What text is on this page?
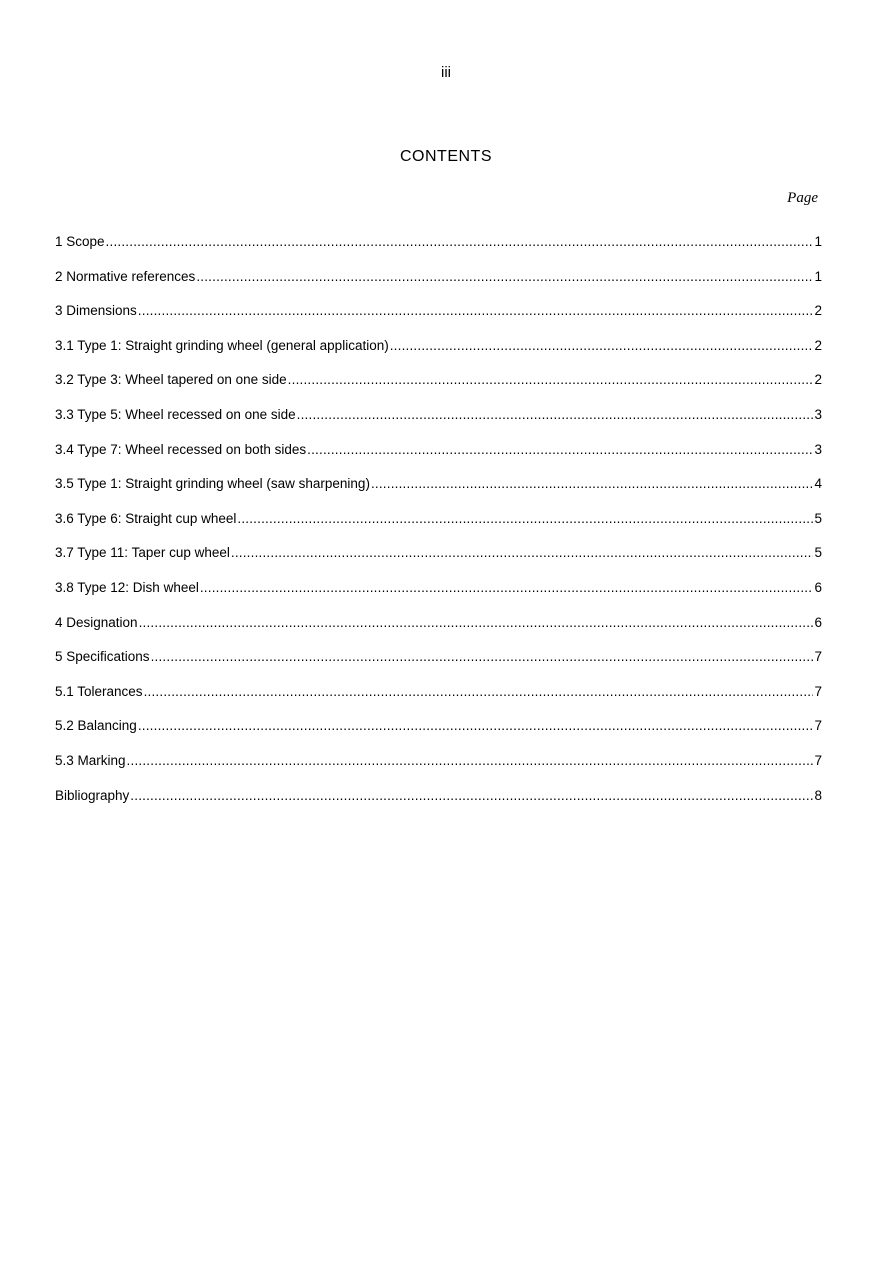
iii
CONTENTS
Page
1 Scope .....	1
2 Normative references .....	1
3 Dimensions .....	2
3.1 Type 1: Straight grinding wheel (general application) .....	2
3.2 Type 3: Wheel tapered on one side .....	2
3.3 Type 5: Wheel recessed on one side .....	3
3.4 Type 7: Wheel recessed on both sides .....	3
3.5 Type 1: Straight grinding wheel (saw sharpening) .....	4
3.6 Type 6: Straight cup wheel .....	5
3.7 Type 11: Taper cup wheel .....	5
3.8 Type 12: Dish wheel .....	6
4 Designation .....	6
5 Specifications .....	7
5.1 Tolerances .....	7
5.2 Balancing .....	7
5.3 Marking .....	7
Bibliography .....	8
